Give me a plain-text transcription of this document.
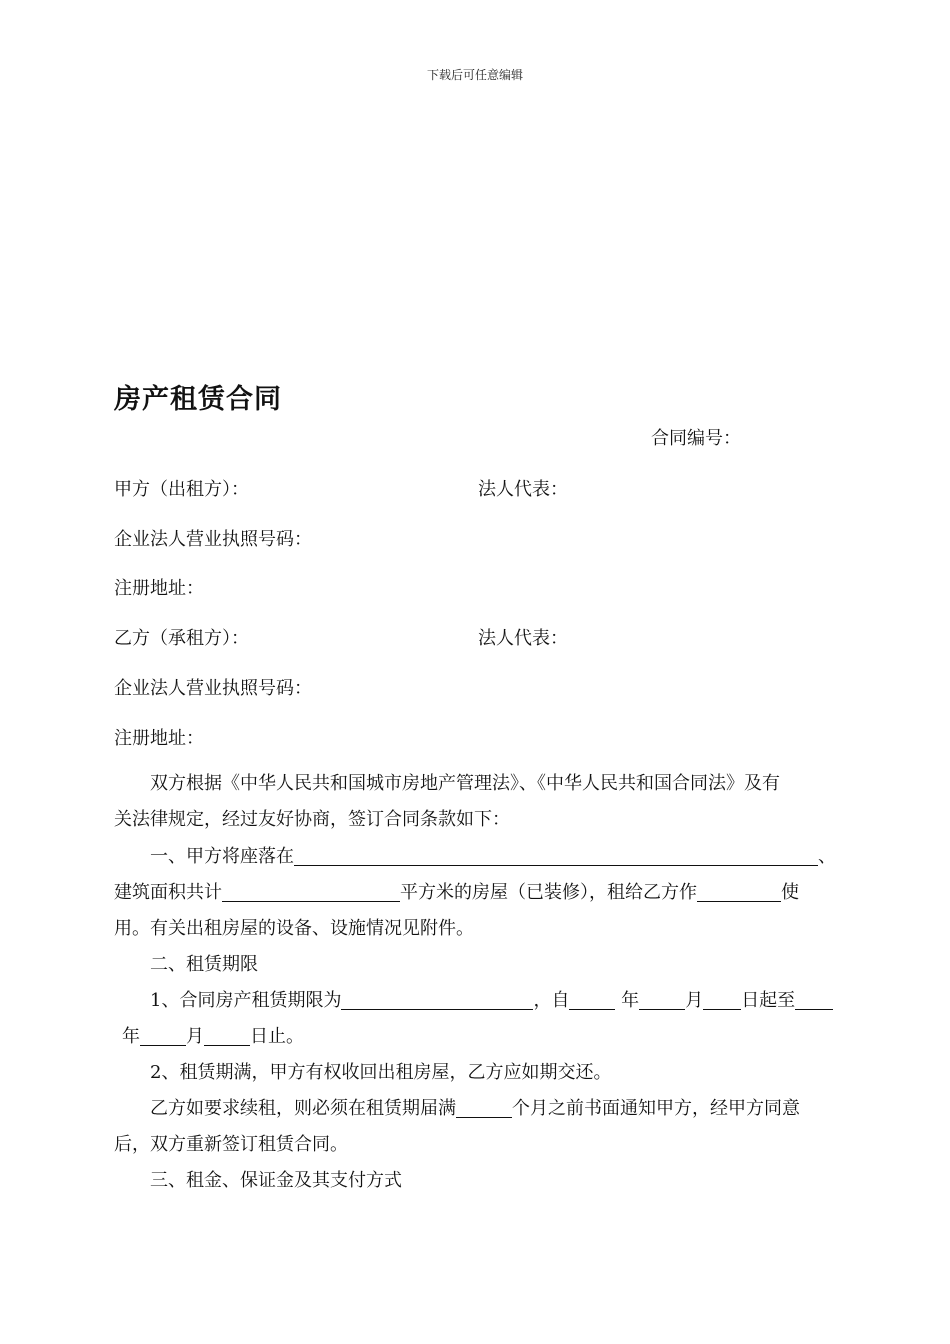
下载后可任意编辑
房产租赁合同
合同编号：
甲方（出租方）：	法人代表：
企业法人营业执照号码：
注册地址：
乙方（承租方）：	法人代表：
企业法人营业执照号码：
注册地址：
双方根据《中华人民共和国城市房地产管理法》、《中华人民共和国合同法》及有
关法律规定，经过友好协商，签订合同条款如下：
一、甲方将座落在	、
建筑面积共计	平方米的房屋（已装修），租给乙方作	使
用。有关出租房屋的设备、设施情况见附件。
二、租赁期限
1、合同房产租赁期限为	，自	年	月 日起至
年	月	日止。
2、租赁期满，甲方有权收回出租房屋，乙方应如期交还。
乙方如要求续租，则必须在租赁期届满	个月之前书面通知甲方，经甲方同意
后，双方重新签订租赁合同。
三、租金、保证金及其支付方式
